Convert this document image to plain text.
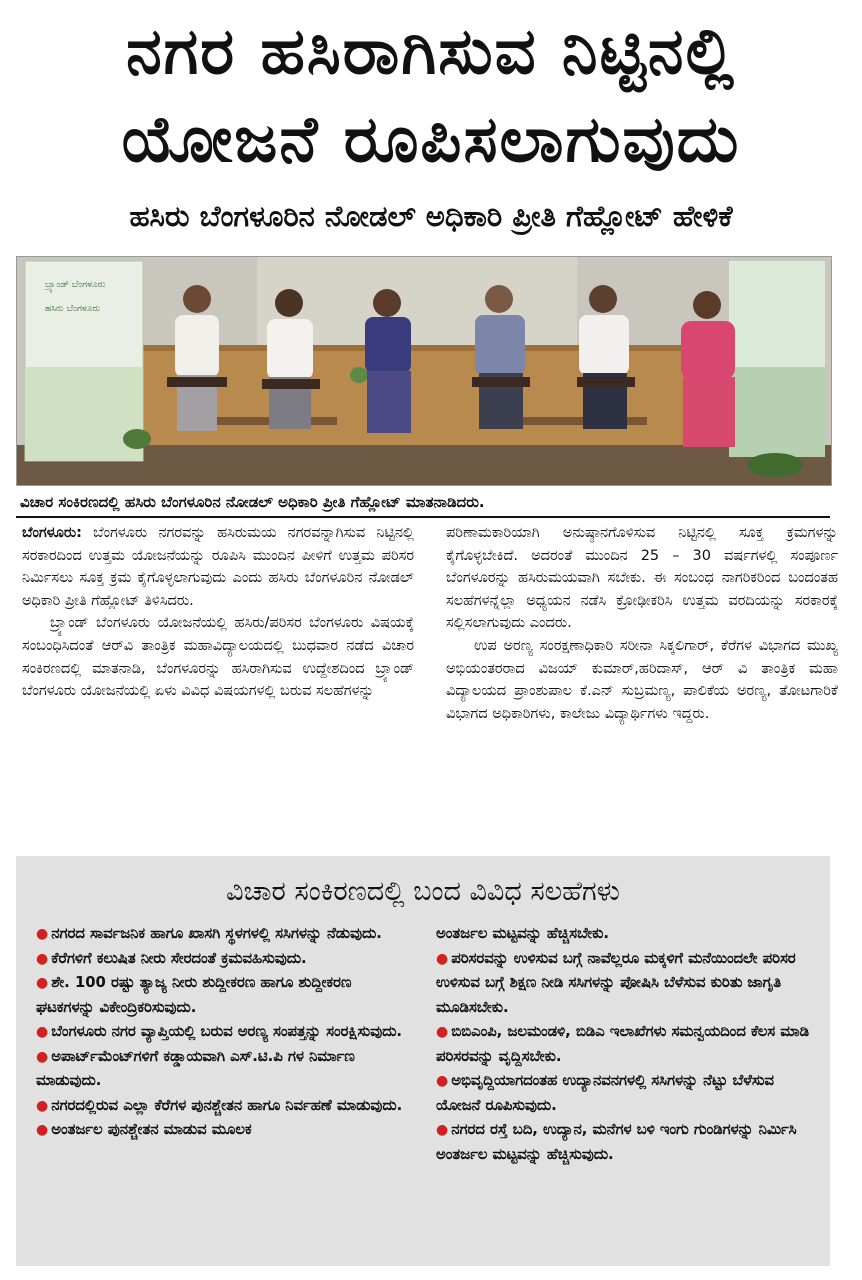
ನಗರ ಹಸಿರಾಗಿಸುವ ನಿಟ್ಟಿನಲ್ಲಿ
ಯೋಜನೆ ರೂಪಿಸಲಾಗುವುದು
ಹಸಿರು ಬೆಂಗಳೂರಿನ ನೋಡಲ್ ಅಧಿಕಾರಿ ಪ್ರೀತಿ ಗೆಹ್ಲೋಟ್ ಹೇಳಿಕೆ
ಬ್ರ್ಯಾಂಡ್ ಬೆಂಗಳೂರು
ಹಸಿರು ಬೆಂಗಳೂರು
ವಿಚಾರ ಸಂಕಿರಣದಲ್ಲಿ ಹಸಿರು ಬೆಂಗಳೂರಿನ ನೋಡಲ್ ಅಧಿಕಾರಿ ಪ್ರೀತಿ ಗೆಹ್ಲೋಟ್ ಮಾತನಾಡಿದರು.

ಬೆಂಗಳೂರು: ಬೆಂಗಳೂರು ನಗರವನ್ನು ಹಸಿರುಮಯ ನಗರವನ್ನಾಗಿಸುವ ನಿಟ್ಟಿನಲ್ಲಿ ಸರಕಾರದಿಂದ ಉತ್ತಮ ಯೋಜನೆಯನ್ನು ರೂಪಿಸಿ ಮುಂದಿನ ಪೀಳಿಗೆ ಉತ್ತಮ ಪರಿಸರ ನಿರ್ಮಿಸಲು ಸೂಕ್ತ ಕ್ರಮ ಕೈಗೊಳ್ಳಲಾಗುವುದು ಎಂದು ಹಸಿರು ಬೆಂಗಳೂರಿನ ನೋಡಲ್ ಅಧಿಕಾರಿ ಪ್ರೀತಿ ಗೆಹ್ಲೋಟ್ ತಿಳಿಸಿದರು.

ಬ್ರ್ಯಾಂಡ್ ಬೆಂಗಳೂರು ಯೋಜನೆಯಲ್ಲಿ ಹಸಿರು/ಪರಿಸರ ಬೆಂಗಳೂರು ವಿಷಯಕ್ಕೆ ಸಂಬಂಧಿಸಿದಂತೆ ಆರ್‌ವಿ ತಾಂತ್ರಿಕ ಮಹಾವಿದ್ಯಾಲಯದಲ್ಲಿ ಬುಧವಾರ ನಡೆದ ವಿಚಾರ ಸಂಕಿರಣದಲ್ಲಿ ಮಾತನಾಡಿ, ಬೆಂಗಳೂರನ್ನು ಹಸಿರಾಗಿಸುವ ಉದ್ದೇಶದಿಂದ ಬ್ರ್ಯಾಂಡ್ ಬೆಂಗಳೂರು ಯೋಜನೆಯಲ್ಲಿ ಏಳು ವಿವಿಧ ವಿಷಯಗಳಲ್ಲಿ ಬರುವ ಸಲಹೆಗಳನ್ನು

ಪರಿಣಾಮಕಾರಿಯಾಗಿ ಅನುಷ್ಠಾನಗೊಳಿಸುವ ನಿಟ್ಟಿನಲ್ಲಿ ಸೂಕ್ತ ಕ್ರಮಗಳನ್ನು ಕೈಗೊಳ್ಳಬೇಕಿದೆ. ಅದರಂತೆ ಮುಂದಿನ 25 – 30 ವರ್ಷಗಳಲ್ಲಿ ಸಂಪೂರ್ಣ ಬೆಂಗಳೂರನ್ನು ಹಸಿರುಮಯವಾಗಿ ಸಬೇಕು. ಈ ಸಂಬಂಧ ನಾಗರಿಕರಿಂದ ಬಂದಂತಹ ಸಲಹೆಗಳನ್ನೆಲ್ಲಾ ಅಧ್ಯಯನ ನಡೆಸಿ ಕ್ರೋಢೀಕರಿಸಿ ಉತ್ತಮ ವರದಿಯನ್ನು ಸರಕಾರಕ್ಕೆ ಸಲ್ಲಿಸಲಾಗುವುದು ಎಂದರು.

ಉಪ ಅರಣ್ಯ ಸಂರಕ್ಷಣಾಧಿಕಾರಿ ಸರೀನಾ ಸಿಕ್ಕಲಿಗಾರ್, ಕೆರೆಗಳ ವಿಭಾಗದ ಮುಖ್ಯ ಅಭಿಯಂತರರಾದ ವಿಜಯ್ ಕುಮಾರ್,ಹರಿದಾಸ್, ಆರ್ ವಿ ತಾಂತ್ರಿಕ ಮಹಾ ವಿದ್ಯಾಲಯದ ಪ್ರಾಂಶುಪಾಲ ಕೆ.ಎನ್ ಸುಬ್ರಮಣ್ಯ, ಪಾಲಿಕೆಯ ಅರಣ್ಯ, ತೋಟಗಾರಿಕೆ ವಿಭಾಗದ ಅಧಿಕಾರಿಗಳು, ಕಾಲೇಜು ವಿದ್ಯಾರ್ಥಿಗಳು ಇದ್ದರು.

ವಿಚಾರ ಸಂಕಿರಣದಲ್ಲಿ ಬಂದ ವಿವಿಧ ಸಲಹೆಗಳು
● ನಗರದ ಸಾರ್ವಜನಿಕ ಹಾಗೂ ಖಾಸಗಿ ಸ್ಥಳಗಳಲ್ಲಿ ಸಸಿಗಳನ್ನು ನೆಡುವುದು.
● ಕೆರೆಗಳಿಗೆ ಕಲುಷಿತ ನೀರು ಸೇರದಂತೆ ಕ್ರಮವಹಿಸುವುದು.
● ಶೇ. 100 ರಷ್ಟು ತ್ಯಾಜ್ಯ ನೀರು ಶುದ್ದೀಕರಣ ಹಾಗೂ ಶುದ್ದೀಕರಣ ಘಟಕಗಳನ್ನು ವಿಕೇಂದ್ರಿಕರಿಸುವುದು.
● ಬೆಂಗಳೂರು ನಗರ ವ್ಯಾಪ್ತಿಯಲ್ಲಿ ಬರುವ ಅರಣ್ಯ ಸಂಪತ್ತನ್ನು ಸಂರಕ್ಷಿಸುವುದು.
● ಅಪಾರ್ಟ್‌ಮೆಂಟ್‌ಗಳಿಗೆ ಕಡ್ಡಾಯವಾಗಿ ಎಸ್.ಟಿ.ಪಿ ಗಳ ನಿರ್ಮಾಣ ಮಾಡುವುದು.
● ನಗರದಲ್ಲಿರುವ ಎಲ್ಲಾ ಕೆರೆಗಳ ಪುನಶ್ಚೇತನ ಹಾಗೂ ನಿರ್ವಹಣೆ ಮಾಡುವುದು.
● ಅಂತರ್ಜಲ ಪುನಶ್ಚೇತನ ಮಾಡುವ ಮೂಲಕ
ಅಂತರ್ಜಲ ಮಟ್ಟವನ್ನು ಹೆಚ್ಚಿಸಬೇಕು.
● ಪರಿಸರವನ್ನು ಉಳಿಸುವ ಬಗ್ಗೆ ನಾವೆಲ್ಲರೂ ಮಕ್ಕಳಿಗೆ ಮನೆಯಿಂದಲೇ ಪರಿಸರ ಉಳಿಸುವ ಬಗ್ಗೆ ಶಿಕ್ಷಣ ನೀಡಿ ಸಸಿಗಳನ್ನು ಪೋಷಿಸಿ ಬೆಳೆಸುವ ಕುರಿತು ಜಾಗೃತಿ ಮೂಡಿಸಬೇಕು.
● ಬಿಬಿಎಂಪಿ, ಜಲಮಂಡಳಿ, ಬಿಡಿಎ ಇಲಾಖೆಗಳು ಸಮನ್ವಯದಿಂದ ಕೆಲಸ ಮಾಡಿ ಪರಿಸರವನ್ನು ವೃದ್ದಿಸಬೇಕು.
● ಅಭಿವೃದ್ದಿಯಾಗದಂತಹ ಉದ್ಯಾನವನಗಳಲ್ಲಿ ಸಸಿಗಳನ್ನು ನೆಟ್ಟು ಬೆಳೆಸುವ ಯೋಜನೆ ರೂಪಿಸುವುದು.
● ನಗರದ ರಸ್ತೆ ಬದಿ, ಉದ್ಯಾನ, ಮನೆಗಳ ಬಳಿ ಇಂಗು ಗುಂಡಿಗಳನ್ನು ನಿರ್ಮಿಸಿ ಅಂತರ್ಜಲ ಮಟ್ಟವನ್ನು ಹೆಚ್ಚಿಸುವುದು.
